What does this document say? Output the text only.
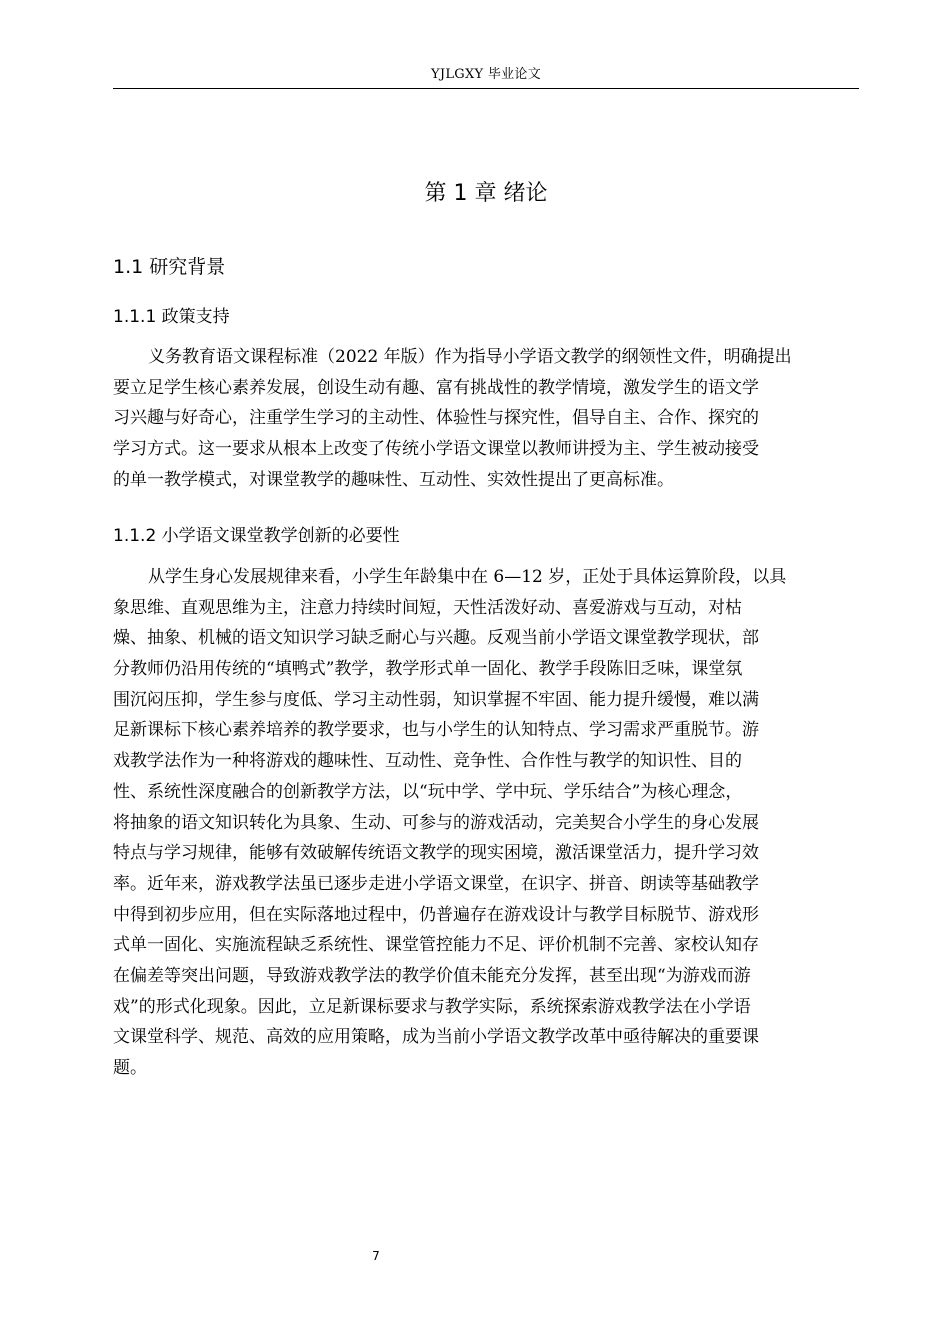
YJLGXY 毕业论文
第 1 章 绪论
1.1 研究背景
1.1.1 政策支持
义务教育语文课程标准（2022 年版）作为指导小学语文教学的纲领性文件，明确提出
要立足学生核心素养发展，创设生动有趣、富有挑战性的教学情境，激发学生的语文学
习兴趣与好奇心，注重学生学习的主动性、体验性与探究性，倡导自主、合作、探究的
学习方式。这一要求从根本上改变了传统小学语文课堂以教师讲授为主、学生被动接受
的单一教学模式，对课堂教学的趣味性、互动性、实效性提出了更高标准。
1.1.2 小学语文课堂教学创新的必要性
从学生身心发展规律来看，小学生年龄集中在 6—12 岁，正处于具体运算阶段，以具
象思维、直观思维为主，注意力持续时间短，天性活泼好动、喜爱游戏与互动，对枯
燥、抽象、机械的语文知识学习缺乏耐心与兴趣。反观当前小学语文课堂教学现状，部
分教师仍沿用传统的“填鸭式”教学，教学形式单一固化、教学手段陈旧乏味，课堂氛
围沉闷压抑，学生参与度低、学习主动性弱，知识掌握不牢固、能力提升缓慢，难以满
足新课标下核心素养培养的教学要求，也与小学生的认知特点、学习需求严重脱节。游
戏教学法作为一种将游戏的趣味性、互动性、竞争性、合作性与教学的知识性、目的
性、系统性深度融合的创新教学方法，以“玩中学、学中玩、学乐结合”为核心理念，
将抽象的语文知识转化为具象、生动、可参与的游戏活动，完美契合小学生的身心发展
特点与学习规律，能够有效破解传统语文教学的现实困境，激活课堂活力，提升学习效
率。近年来，游戏教学法虽已逐步走进小学语文课堂，在识字、拼音、朗读等基础教学
中得到初步应用，但在实际落地过程中，仍普遍存在游戏设计与教学目标脱节、游戏形
式单一固化、实施流程缺乏系统性、课堂管控能力不足、评价机制不完善、家校认知存
在偏差等突出问题，导致游戏教学法的教学价值未能充分发挥，甚至出现“为游戏而游
戏”的形式化现象。因此，立足新课标要求与教学实际，系统探索游戏教学法在小学语
文课堂科学、规范、高效的应用策略，成为当前小学语文教学改革中亟待解决的重要课
题。
7
